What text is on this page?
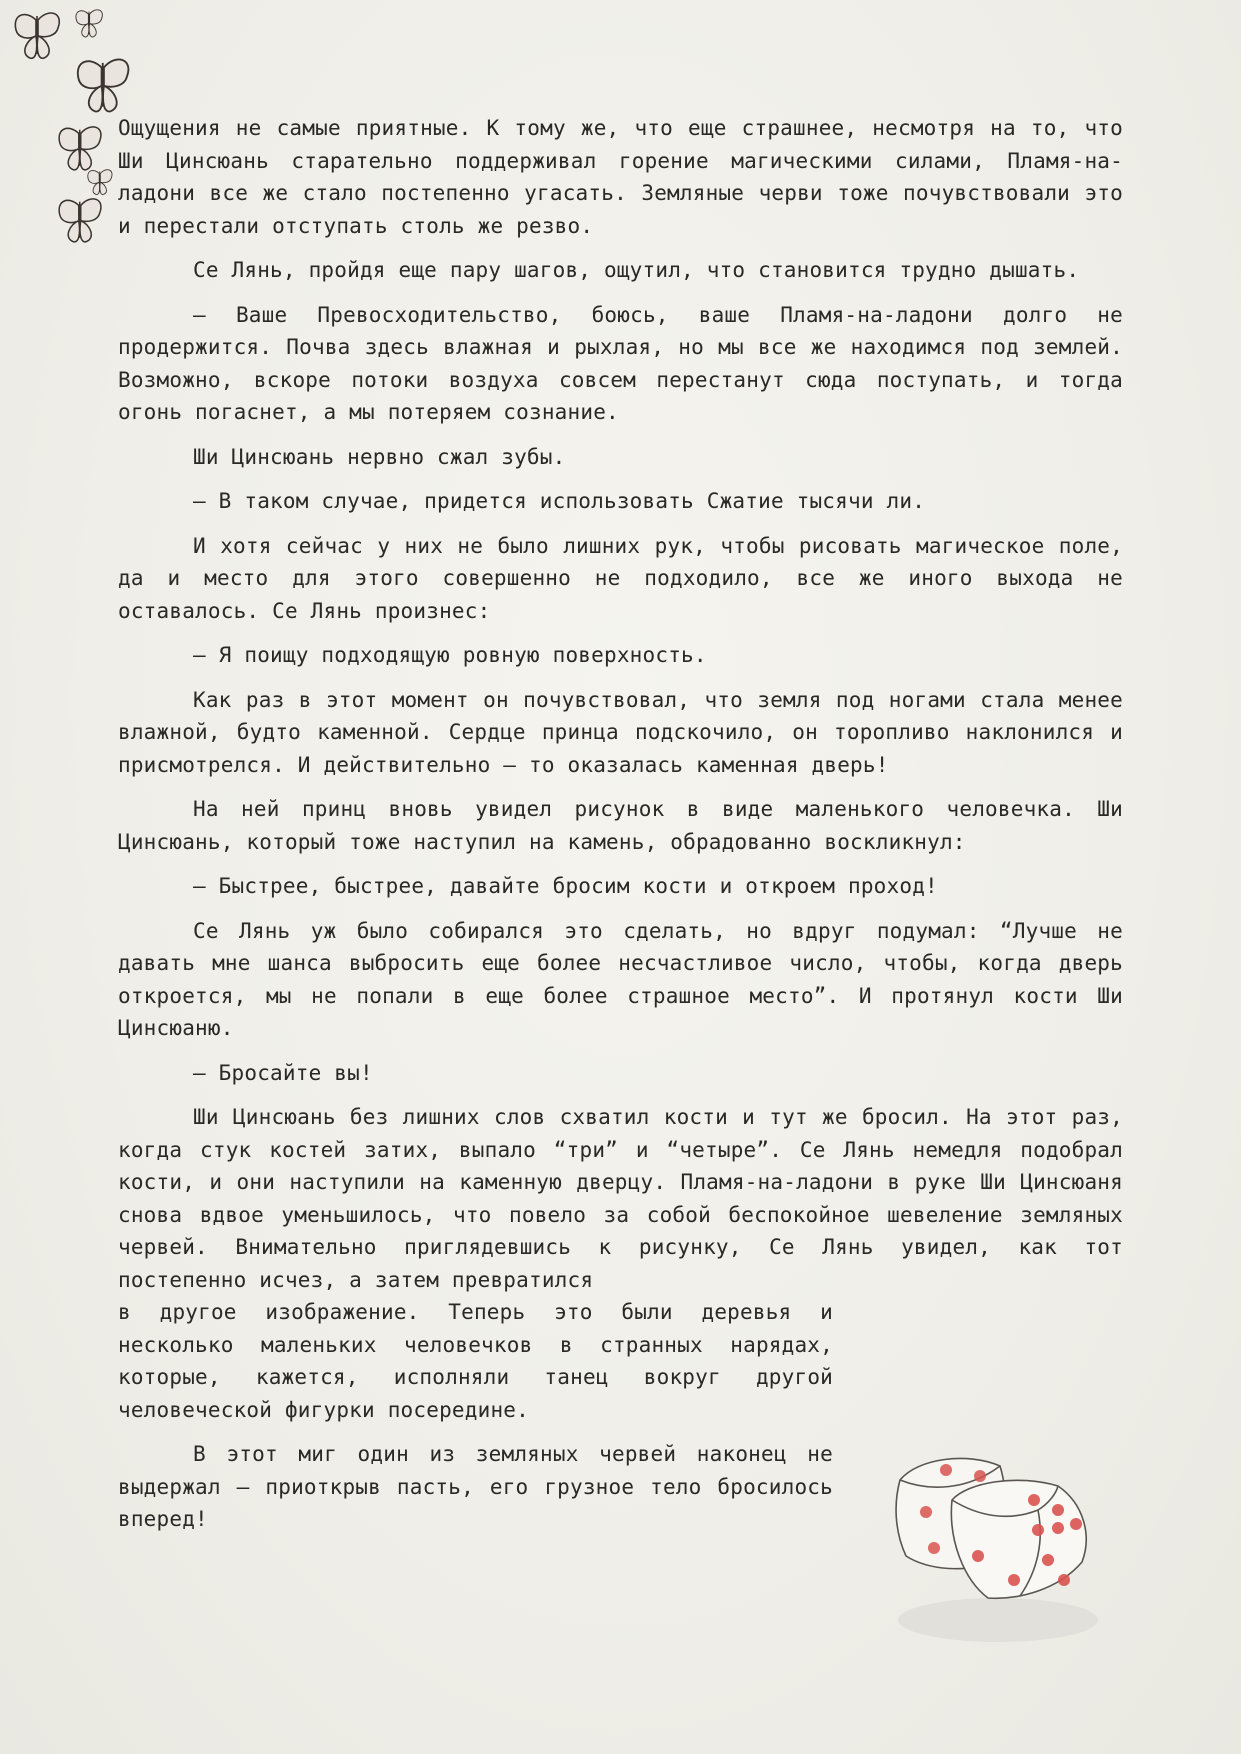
Ощущения не самые приятные. К тому же, что еще страшнее, несмотря на то, что Ши Цинсюань старательно поддерживал горение магическими силами, Пламя-на-ладони все же стало постепенно угасать. Земляные черви тоже почувствовали это и перестали отступать столь же резво.

Се Лянь, пройдя еще пару шагов, ощутил, что становится трудно дышать.

— Ваше Превосходительство, боюсь, ваше Пламя-на-ладони долго не продержится. Почва здесь влажная и рыхлая, но мы все же находимся под землей. Возможно, вскоре потоки воздуха совсем перестанут сюда поступать, и тогда огонь погаснет, а мы потеряем сознание.

Ши Цинсюань нервно сжал зубы.

— В таком случае, придется использовать Сжатие тысячи ли.

И хотя сейчас у них не было лишних рук, чтобы рисовать магическое поле, да и место для этого совершенно не подходило, все же иного выхода не оставалось. Се Лянь произнес:

— Я поищу подходящую ровную поверхность.

Как раз в этот момент он почувствовал, что земля под ногами стала менее влажной, будто каменной. Сердце принца подскочило, он торопливо наклонился и присмотрелся. И действительно — то оказалась каменная дверь!

На ней принц вновь увидел рисунок в виде маленького человечка. Ши Цинсюань, который тоже наступил на камень, обрадованно воскликнул:

— Быстрее, быстрее, давайте бросим кости и откроем проход!

Се Лянь уж было собирался это сделать, но вдруг подумал: “Лучше не давать мне шанса выбросить еще более несчастливое число, чтобы, когда дверь откроется, мы не попали в еще более страшное место”. И протянул кости Ши Цинсюаню.

— Бросайте вы!

Ши Цинсюань без лишних слов схватил кости и тут же бросил. На этот раз, когда стук костей затих, выпало “три” и “четыре”. Се Лянь немедля подобрал кости, и они наступили на каменную дверцу. Пламя-на-ладони в руке Ши Цинсюаня снова вдвое уменьшилось, что повело за собой беспокойное шевеление земляных червей. Внимательно приглядевшись к рисунку, Се Лянь увидел, как тот постепенно исчез, а затем превратился

в другое изображение. Теперь это были деревья и несколько маленьких человечков в странных нарядах, которые, кажется, исполняли танец вокруг другой человеческой фигурки посередине.

В этот миг один из земляных червей наконец не выдержал — приоткрыв пасть, его грузное тело бросилось вперед!
